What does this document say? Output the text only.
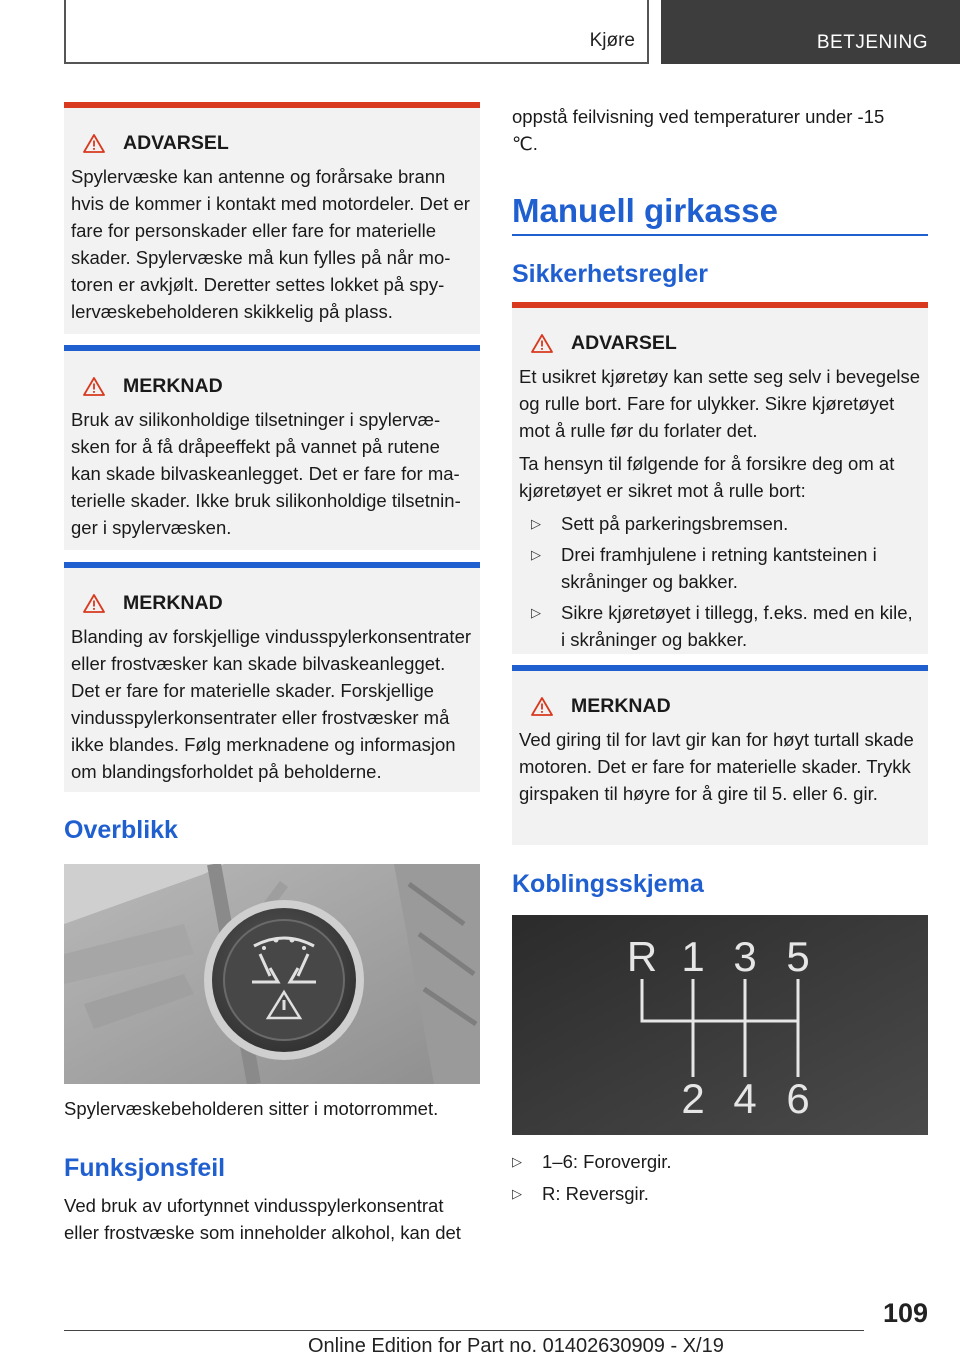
Kjøre	BETJENING
ADVARSEL

Spylervæske kan antenne og forårsake brann hvis de kommer i kontakt med motordeler. Det er fare for personskader eller fare for materielle skader. Spylervæske må kun fylles på når motoren er avkjølt. Deretter settes lokket på spylervæskebeholderen skikkelig på plass.

MERKNAD

Bruk av silikonholdige tilsetninger i spylervæsken for å få dråpeeffekt på vannet på rutene kan skade bilvaskeanlegget. Det er fare for materielle skader. Ikke bruk silikonholdige tilsetninger i spylervæsken.

MERKNAD

Blanding av forskjellige vindusspylerkonsentrater eller frostvæsker kan skade bilvaskeanlegget. Det er fare for materielle skader. Forskjellige vindusspylerkonsentrater eller frostvæsker må ikke blandes. Følg merknadene og informasjon om blandingsforholdet på beholderne.

Overblikk

Spylervæskebeholderen sitter i motorrommet.

Funksjonsfeil

Ved bruk av ufortynnet vindusspylerkonsentrat eller frostvæske som inneholder alkohol, kan det

oppstå feilvisning ved temperaturer under -15 ℃.

Manuell girkasse
Sikkerhetsregler
ADVARSEL

Et usikret kjøretøy kan sette seg selv i bevegelse og rulle bort. Fare for ulykker. Sikre kjøretøyet mot å rulle før du forlater det.

Ta hensyn til følgende for å forsikre deg om at kjøretøyet er sikret mot å rulle bort:

▷ Sett på parkeringsbremsen.
▷ Drei framhjulene i retning kantsteinen i skråninger og bakker.
▷ Sikre kjøretøyet i tillegg, f.eks. med en kile, i skråninger og bakker.
MERKNAD

Ved giring til for lavt gir kan for høyt turtall skade motoren. Det er fare for materielle skader. Trykk girspaken til høyre for å gire til 5. eller 6. gir.

Koblingsskjema
R 1 3 5
2 4 6
▷ 1–6: Forovergir.
▷ R: Reversgir.
109
Online Edition for Part no. 01402630909 - X/19
